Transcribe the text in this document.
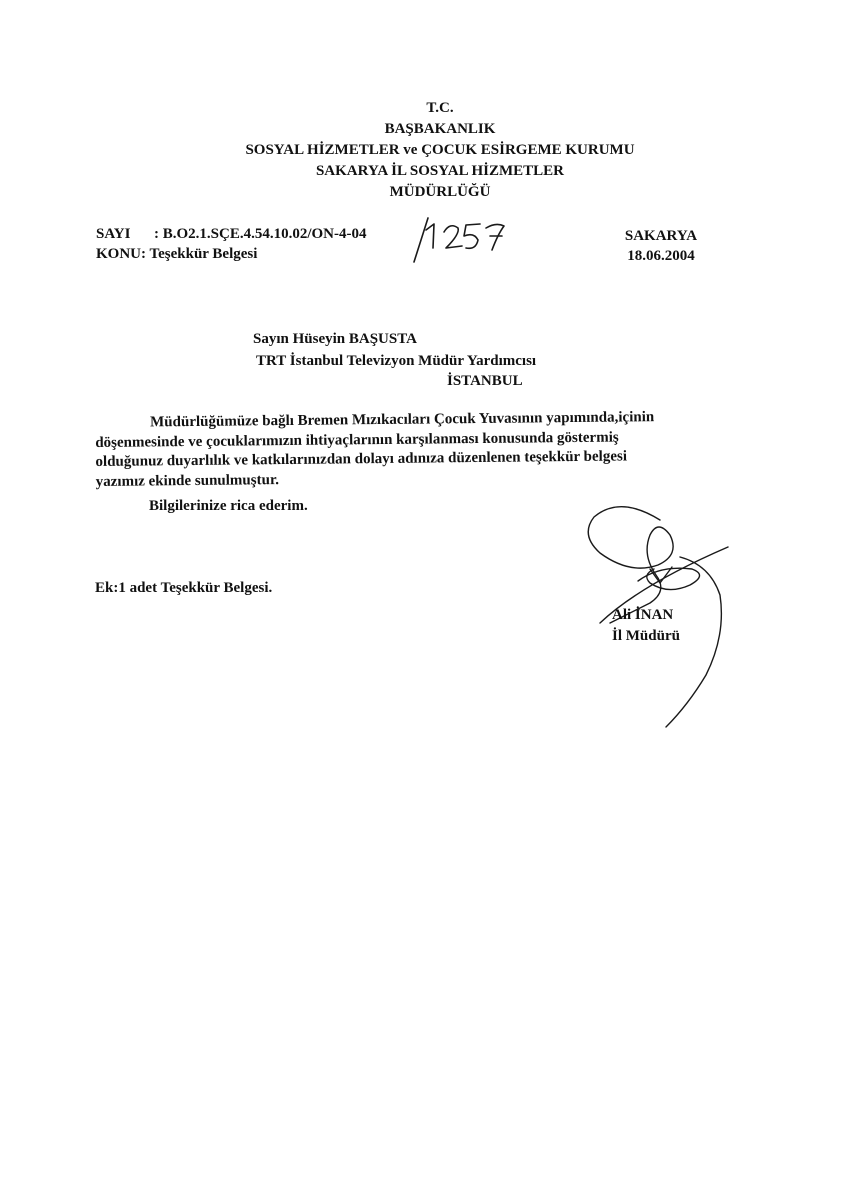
T.C.
BAŞBAKANLIK
SOSYAL HİZMETLER ve ÇOCUK ESİRGEME KURUMU
SAKARYA İL SOSYAL HİZMETLER
MÜDÜRLÜĞÜ
SAYI : B.O2.1.SÇE.4.54.10.02/ON-4-04
KONU: Teşekkür Belgesi
SAKARYA
18.06.2004
Sayın Hüseyin BAŞUSTA
TRT İstanbul Televizyon Müdür Yardımcısı
İSTANBUL

Müdürlüğümüze bağlı Bremen Mızıkacıları Çocuk Yuvasının yapımında,içinin

döşenmesinde ve çocuklarımızın ihtiyaçlarının karşılanması konusunda göstermiş

olduğunuz duyarlılık ve katkılarınızdan dolayı adınıza düzenlenen teşekkür belgesi

yazımız ekinde sunulmuştur.

Bilgilerinize rica ederim.
Ek:1 adet Teşekkür Belgesi.
Ali İNAN
İl Müdürü
